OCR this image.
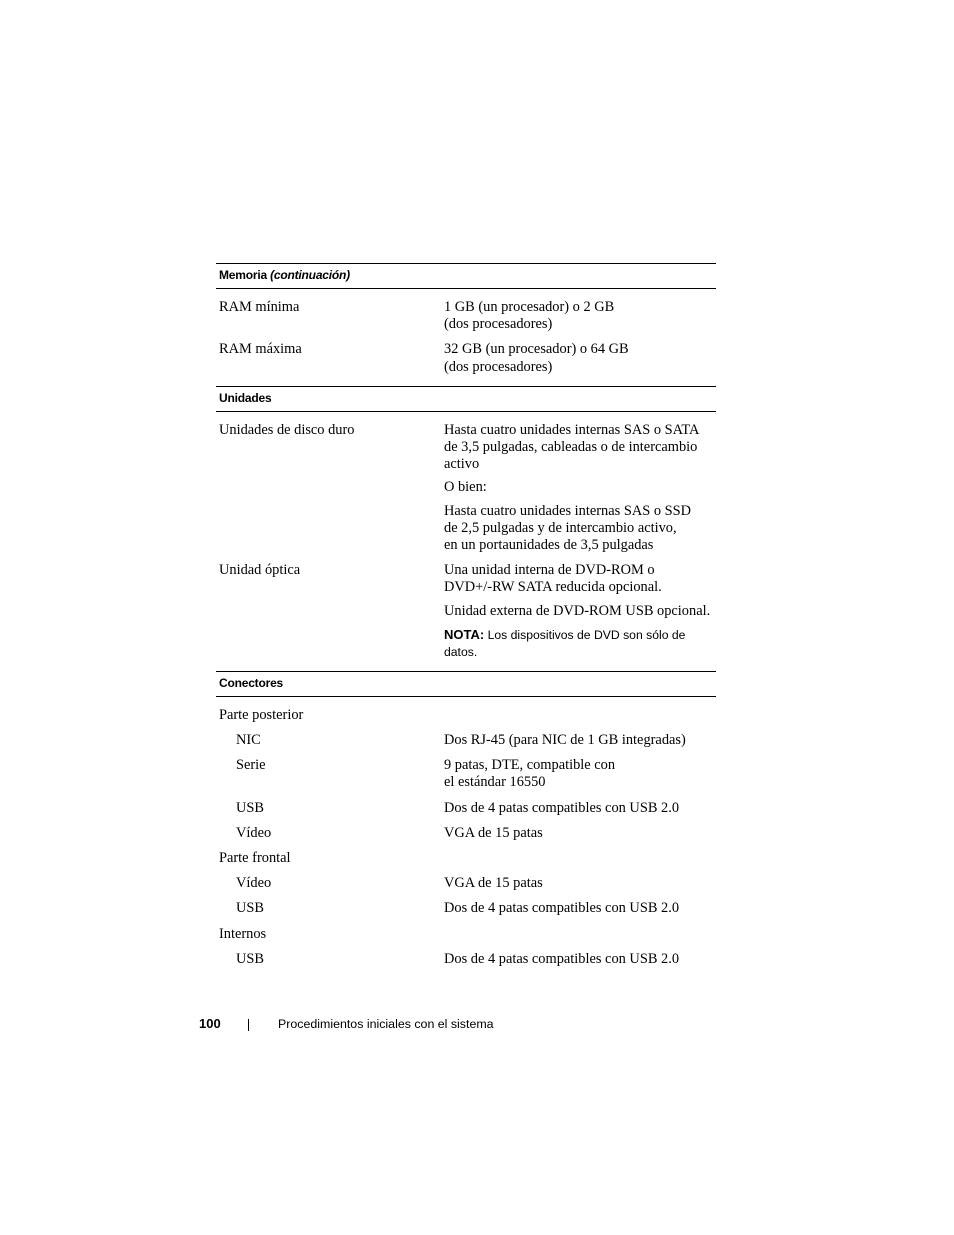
Memoria (continuación)
RAM mínima	1 GB (un procesador) o 2 GB
(dos procesadores)

RAM máxima	32 GB (un procesador) o 64 GB
(dos procesadores)

Unidades
Unidades de disco duro	Hasta cuatro unidades internas SAS o SATA
de 3,5 pulgadas, cableadas o de intercambio
activo

O bien:

Hasta cuatro unidades internas SAS o SSD
de 2,5 pulgadas y de intercambio activo,
en un portaunidades de 3,5 pulgadas

Unidad óptica	Una unidad interna de DVD-ROM o
DVD+/-RW SATA reducida opcional.

Unidad externa de DVD-ROM USB opcional.

NOTA: Los dispositivos de DVD son sólo de
datos.

Conectores
Parte posterior
NIC	Dos RJ-45 (para NIC de 1 GB integradas)

Serie	9 patas, DTE, compatible con
el estándar 16550

USB	Dos de 4 patas compatibles con USB 2.0

Vídeo	VGA de 15 patas

Parte frontal
Vídeo	VGA de 15 patas

USB	Dos de 4 patas compatibles con USB 2.0

Internos
USB	Dos de 4 patas compatibles con USB 2.0

100	Procedimientos iniciales con el sistema
